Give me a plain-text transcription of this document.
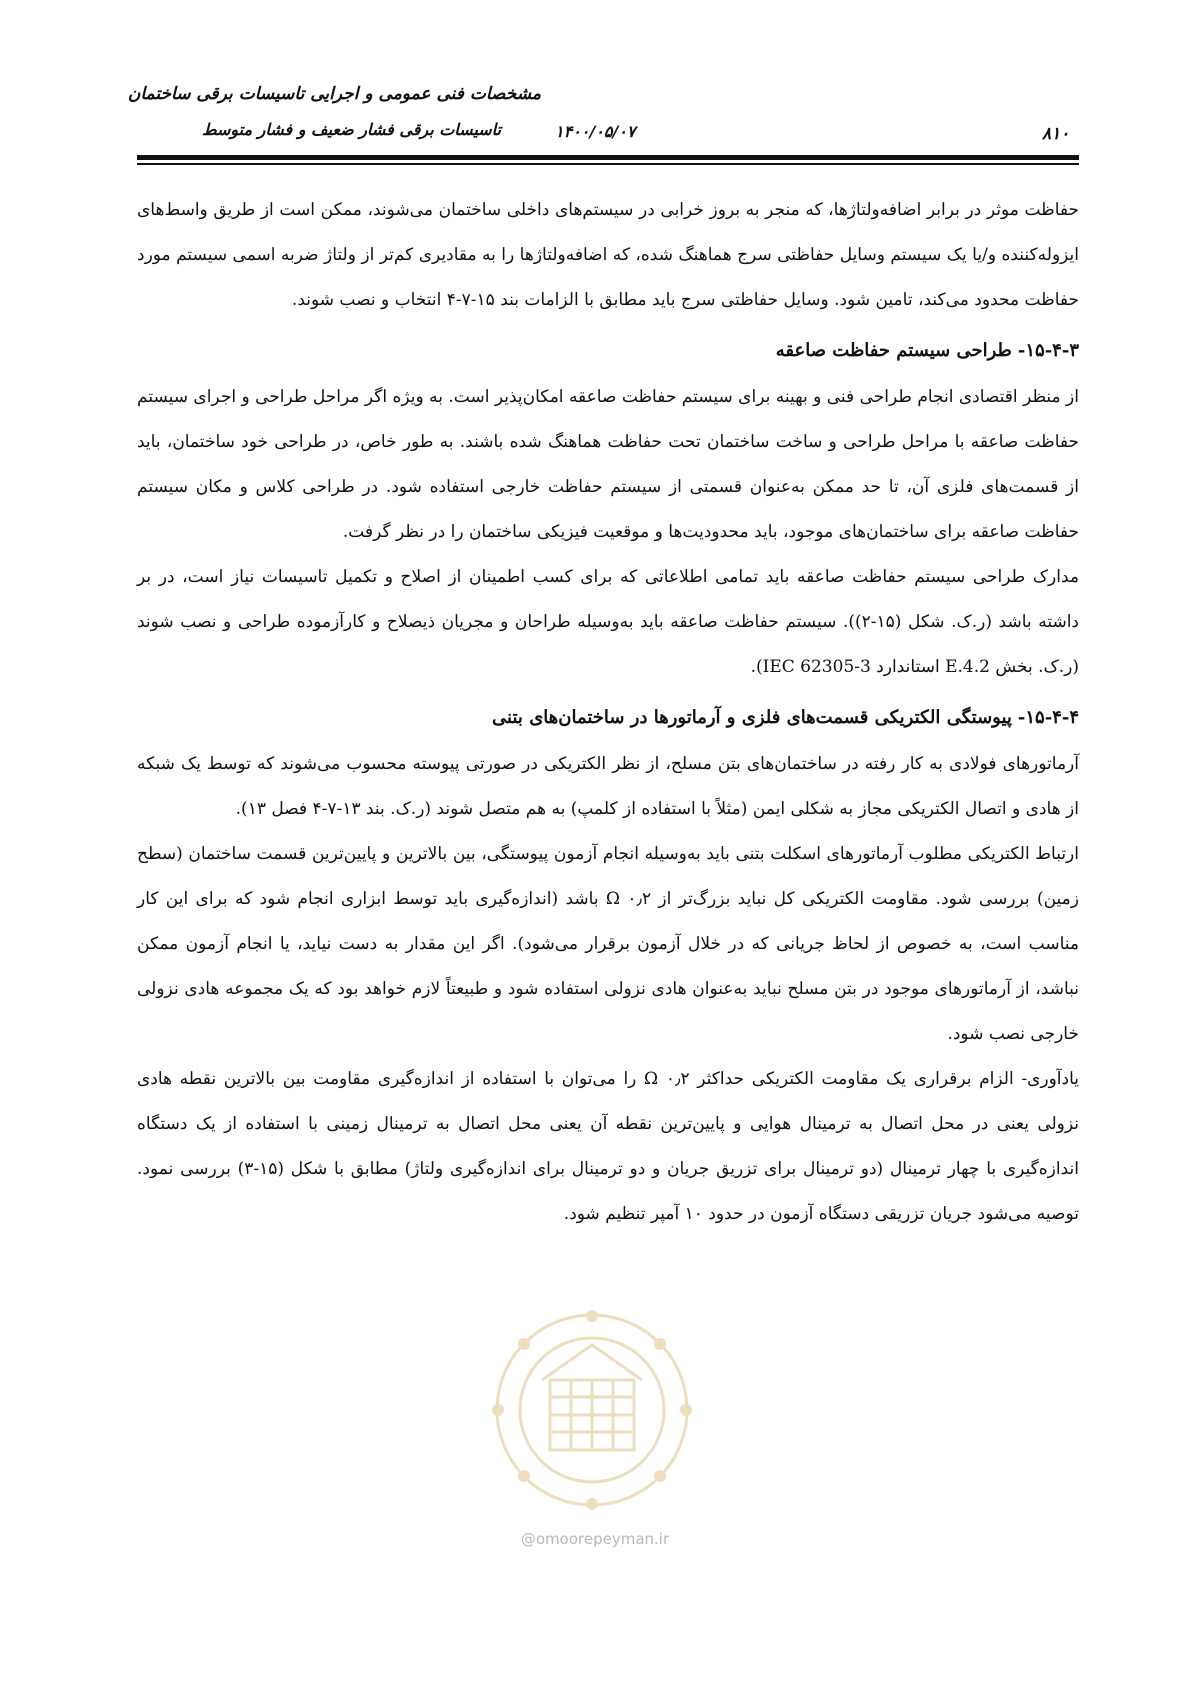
مشخصات فنی عمومی و اجرایی تاسیسات برقی ساختمان
تاسیسات برقی فشار ضعیف و فشار متوسط	۱۴۰۰/۰۵/۰۷	۸۱۰

حفاظت موثر در برابر اضافه‌ولتاژها، که منجر به بروز خرابی در سیستم‌های داخلی ساختمان می‌شوند، ممکن است از طریق واسط‌های ایزوله‌کننده و/یا یک سیستم وسایل حفاظتی سرج هماهنگ شده، که اضافه‌ولتاژها را به مقادیری کم‌تر از ولتاژ ضربه اسمی سیستم مورد حفاظت محدود می‌کند، تامین شود. وسایل حفاظتی سرج باید مطابق با الزامات بند ۱۵-۷-۴ انتخاب و نصب شوند.

۱۵-۴-۳-
طراحی سیستم حفاظت صاعقه

از منظر اقتصادی انجام طراحی فنی و بهینه برای سیستم حفاظت صاعقه امکان‌پذیر است. به ویژه اگر مراحل طراحی و اجرای سیستم حفاظت صاعقه با مراحل طراحی و ساخت ساختمان تحت حفاظت هماهنگ شده باشند. به طور خاص، در طراحی خود ساختمان، باید از قسمت‌های فلزی آن، تا حد ممکن به‌عنوان قسمتی از سیستم حفاظت خارجی استفاده شود. در طراحی کلاس و مکان سیستم حفاظت صاعقه برای ساختمان‌های موجود، باید محدودیت‌ها و موقعیت فیزیکی ساختمان را در نظر گرفت.

مدارک طراحی سیستم حفاظت صاعقه باید تمامی اطلاعاتی که برای کسب اطمینان از اصلاح و تکمیل تاسیسات نیاز است، در بر داشته باشد (ر.ک. شکل (۱۵-۲)). سیستم حفاظت صاعقه باید به‌وسیله طراحان و مجریان ذیصلاح و کارآزموده طراحی و نصب شوند (ر.ک. بخش E.4.2 استاندارد IEC 62305-3).

۱۵-۴-۴-
پیوستگی الکتریکی قسمت‌های فلزی و آرماتورها در ساختمان‌های بتنی

آرماتورهای فولادی به کار رفته در ساختمان‌های بتن مسلح، از نظر الکتریکی در صورتی پیوسته محسوب می‌شوند که توسط یک شبکه از هادی و اتصال الکتریکی مجاز به شکلی ایمن (مثلاً با استفاده از کلمپ) به هم متصل شوند (ر.ک. بند ۱۳-۷-۴ فصل ۱۳).

ارتباط الکتریکی مطلوب آرماتورهای اسکلت بتنی باید به‌وسیله انجام آزمون پیوستگی، بین بالاترین و پایین‌ترین قسمت ساختمان (سطح زمین) بررسی شود. مقاومت الکتریکی کل نباید بزرگ‌تر از ۰٫۲ Ω باشد (اندازه‌گیری باید توسط ابزاری انجام شود که برای این کار مناسب است، به خصوص از لحاظ جریانی که در خلال آزمون برقرار می‌شود). اگر این مقدار به دست نیاید، یا انجام آزمون ممکن نباشد، از آرماتورهای موجود در بتن مسلح نباید به‌عنوان هادی نزولی استفاده شود و طبیعتاً لازم خواهد بود که یک مجموعه هادی نزولی خارجی نصب شود.

یادآوری- الزام برقراری یک مقاومت الکتریکی حداکثر ۰٫۲ Ω را می‌توان با استفاده از اندازه‌گیری مقاومت بین بالاترین نقطه هادی نزولی یعنی در محل اتصال به ترمینال هوایی و پایین‌ترین نقطه آن یعنی محل اتصال به ترمینال زمینی با استفاده از یک دستگاه اندازه‌گیری با چهار ترمینال (دو ترمینال برای تزریق جریان و دو ترمینال برای اندازه‌گیری ولتاژ) مطابق با شکل (۱۵-۳) بررسی نمود. توصیه می‌شود جریان تزریقی دستگاه آزمون در حدود ۱۰ آمپر تنظیم شود.

@omoorepeyman.ir
